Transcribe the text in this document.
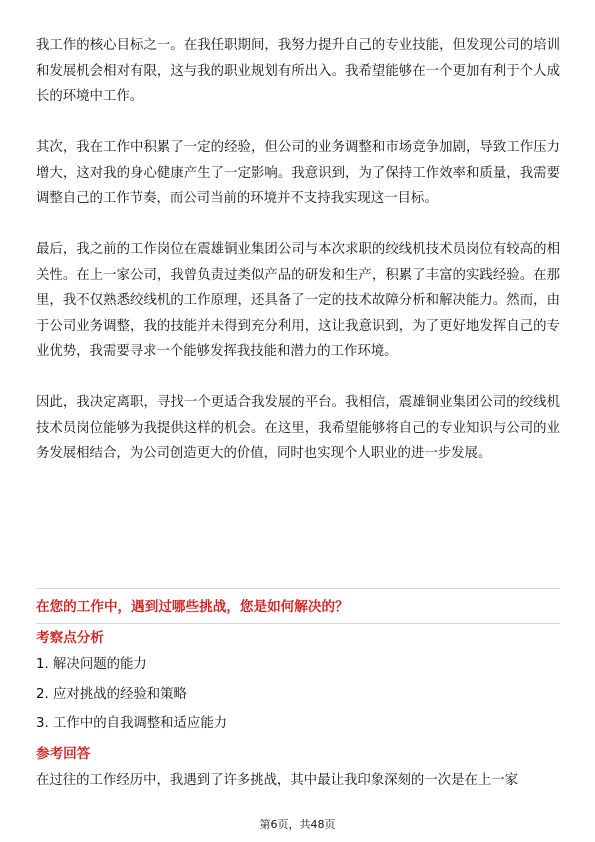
我工作的核心目标之一。在我任职期间，我努力提升自己的专业技能，但发现公司的培训和发展机会相对有限，这与我的职业规划有所出入。我希望能够在一个更加有利于个人成长的环境中工作。

其次，我在工作中积累了一定的经验，但公司的业务调整和市场竞争加剧，导致工作压力增大，这对我的身心健康产生了一定影响。我意识到，为了保持工作效率和质量，我需要调整自己的工作节奏，而公司当前的环境并不支持我实现这一目标。

最后，我之前的工作岗位在震雄铜业集团公司与本次求职的绞线机技术员岗位有较高的相关性。在上一家公司，我曾负责过类似产品的研发和生产，积累了丰富的实践经验。在那里，我不仅熟悉绞线机的工作原理，还具备了一定的技术故障分析和解决能力。然而，由于公司业务调整，我的技能并未得到充分利用，这让我意识到，为了更好地发挥自己的专业优势，我需要寻求一个能够发挥我技能和潜力的工作环境。

因此，我决定离职，寻找一个更适合我发展的平台。我相信，震雄铜业集团公司的绞线机技术员岗位能够为我提供这样的机会。在这里，我希望能够将自己的专业知识与公司的业务发展相结合，为公司创造更大的价值，同时也实现个人职业的进一步发展。

在您的工作中，遇到过哪些挑战，您是如何解决的？
考察点分析
1. 解决问题的能力
2. 应对挑战的经验和策略
3. 工作中的自我调整和适应能力
参考回答
在过往的工作经历中，我遇到了许多挑战，其中最让我印象深刻的一次是在上一家
第6页，共48页
